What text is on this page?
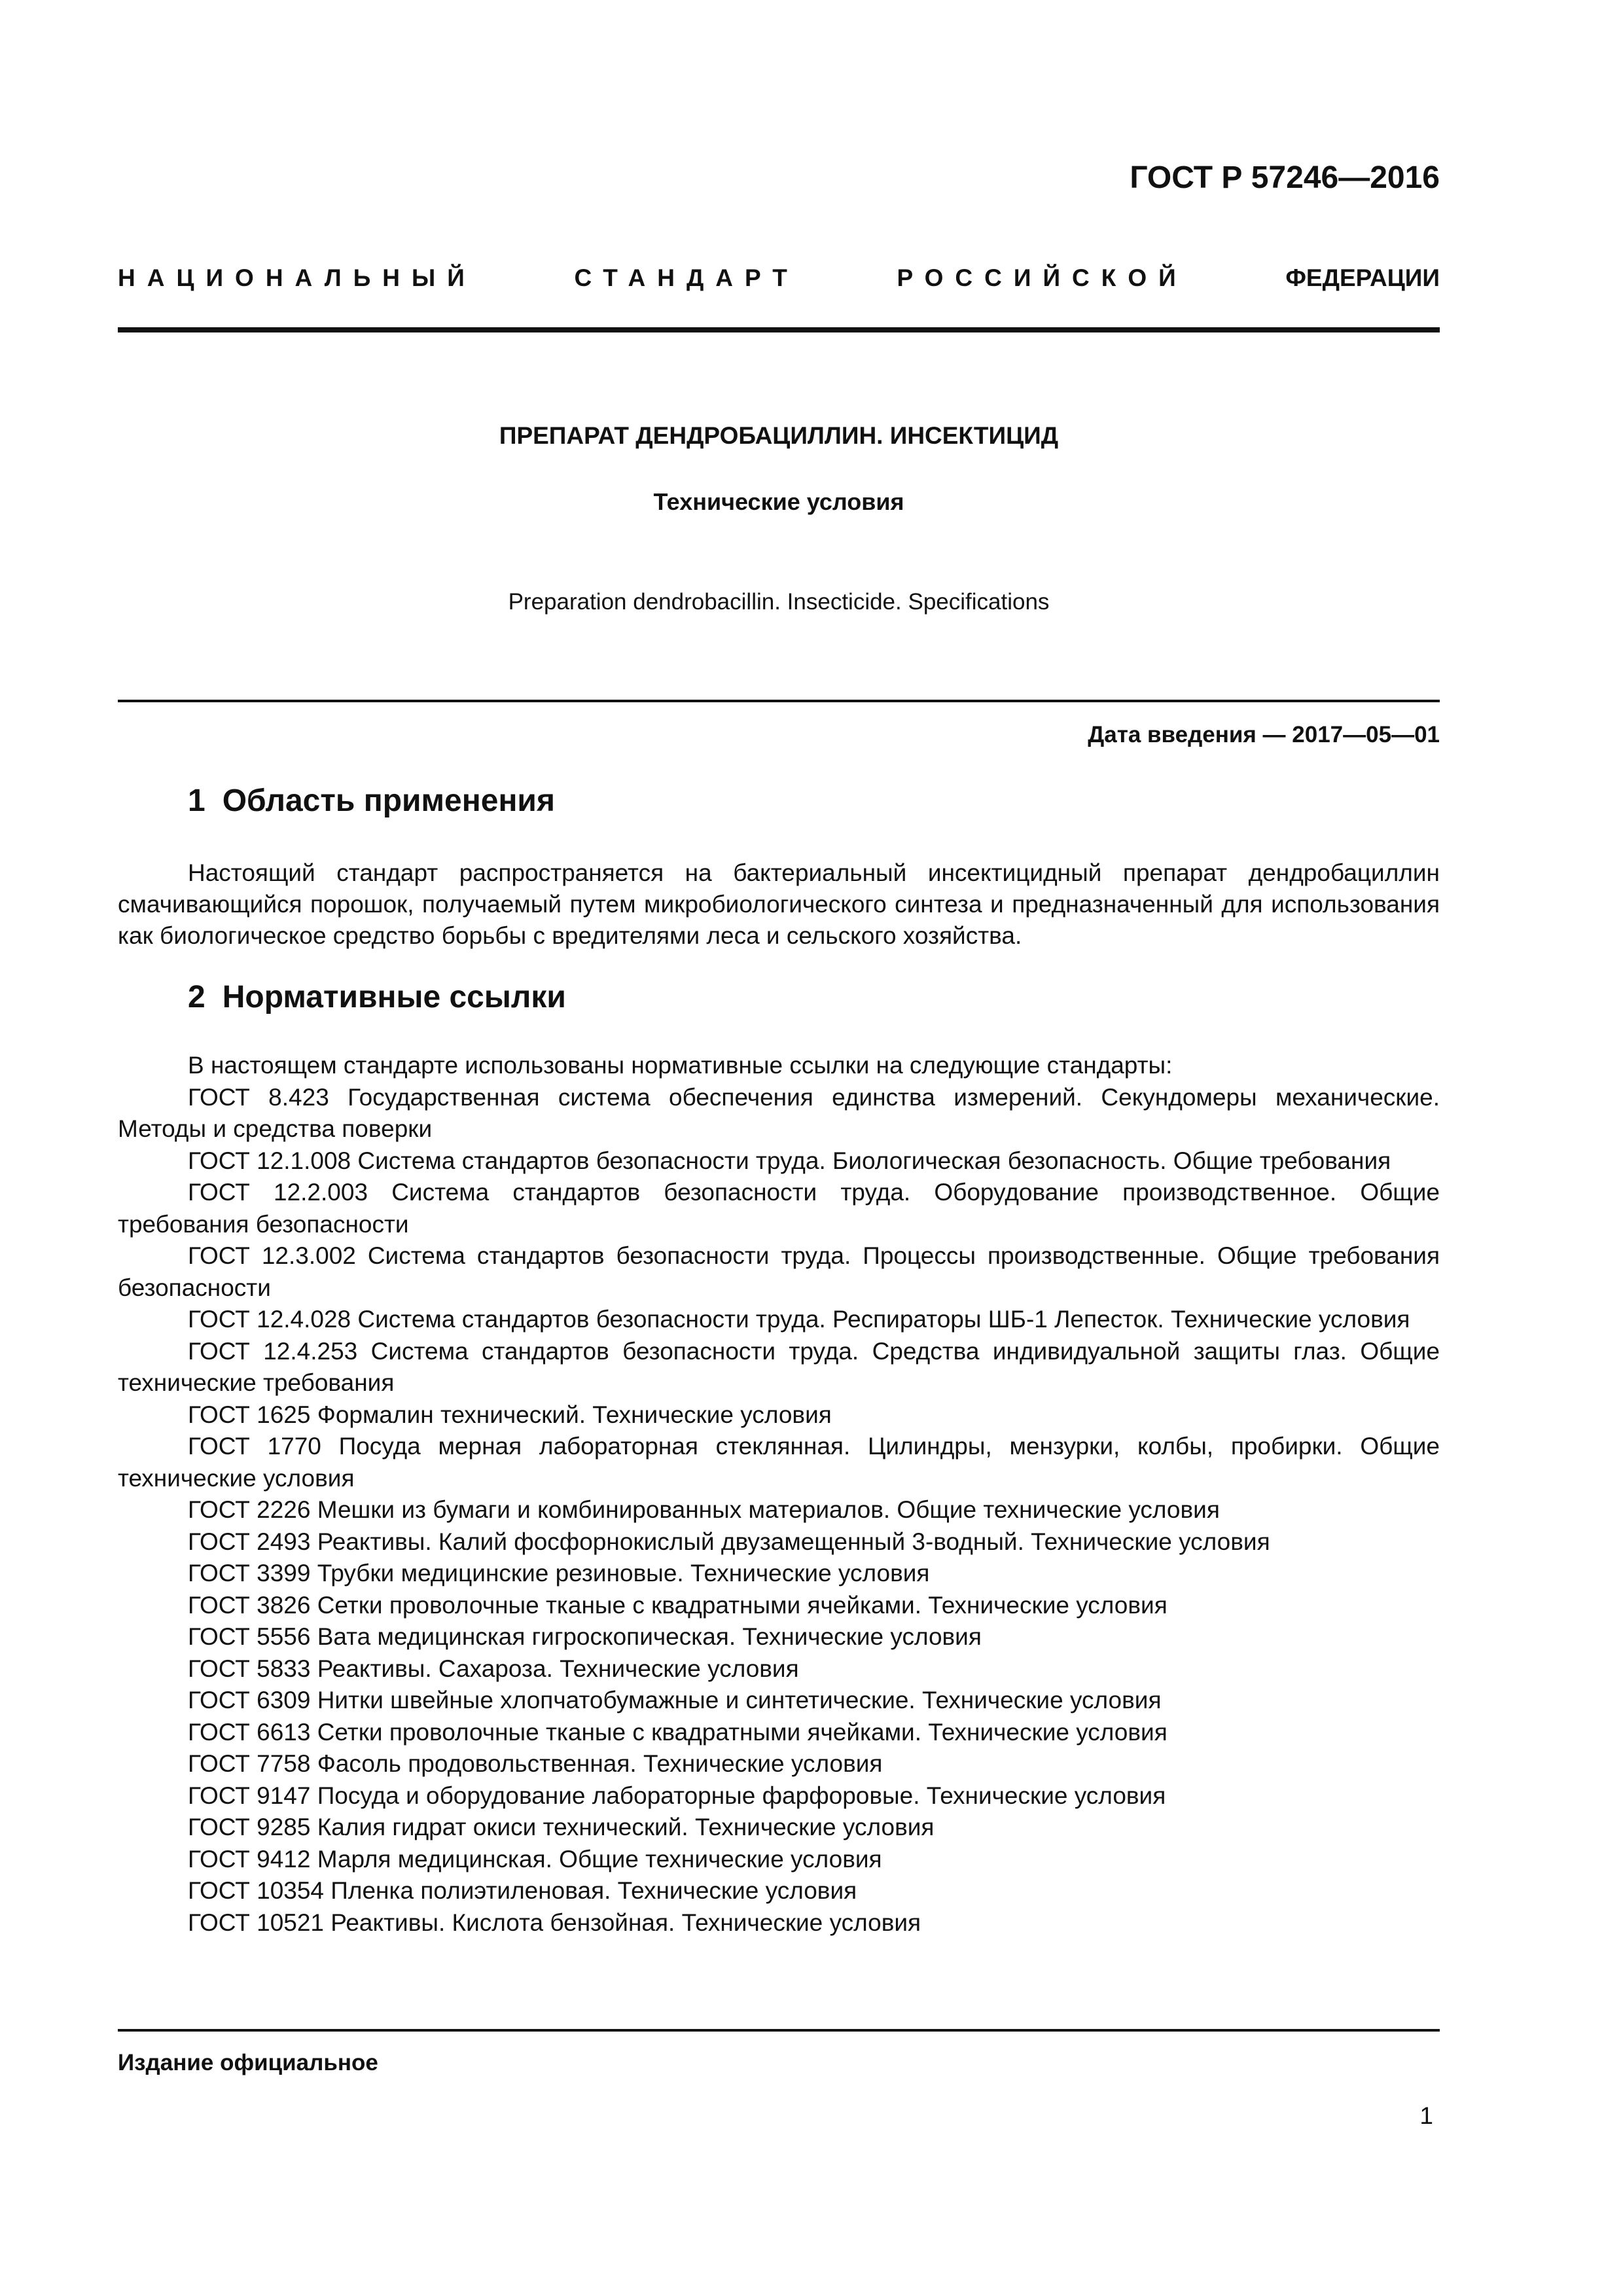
ГОСТ Р 57246—2016
НАЦИОНАЛЬНЫЙ	СТАНДАРТ	РОССИЙСКОЙ	ФЕДЕРАЦИИ
ПРЕПАРАТ ДЕНДРОБАЦИЛЛИН. ИНСЕКТИЦИД
Технические условия
Preparation dendrobacillin. Insecticide. Specifications
Дата введения — 2017—05—01
1 Область применения

Настоящий стандарт распространяется на бактериальный инсектицидный препарат дендробациллин смачивающийся порошок, получаемый путем микробиологического синтеза и предназначенный для использования как биологическое средство борьбы с вредителями леса и сельского хозяйства.

2 Нормативные ссылки

В настоящем стандарте использованы нормативные ссылки на следующие стандарты:

ГОСТ 8.423 Государственная система обеспечения единства измерений. Секундомеры механические. Методы и средства поверки

ГОСТ 12.1.008 Система стандартов безопасности труда. Биологическая безопасность. Общие требования

ГОСТ 12.2.003 Система стандартов безопасности труда. Оборудование производственное. Общие требования безопасности

ГОСТ 12.3.002 Система стандартов безопасности труда. Процессы производственные. Общие требования безопасности

ГОСТ 12.4.028 Система стандартов безопасности труда. Респираторы ШБ-1 Лепесток. Технические условия

ГОСТ 12.4.253 Система стандартов безопасности труда. Средства индивидуальной защиты глаз. Общие технические требования

ГОСТ 1625 Формалин технический. Технические условия

ГОСТ 1770 Посуда мерная лабораторная стеклянная. Цилиндры, мензурки, колбы, пробирки. Общие технические условия

ГОСТ 2226 Мешки из бумаги и комбинированных материалов. Общие технические условия

ГОСТ 2493 Реактивы. Калий фосфорнокислый двузамещенный 3-водный. Технические условия

ГОСТ 3399 Трубки медицинские резиновые. Технические условия

ГОСТ 3826 Сетки проволочные тканые с квадратными ячейками. Технические условия

ГОСТ 5556 Вата медицинская гигроскопическая. Технические условия

ГОСТ 5833 Реактивы. Сахароза. Технические условия

ГОСТ 6309 Нитки швейные хлопчатобумажные и синтетические. Технические условия

ГОСТ 6613 Сетки проволочные тканые с квадратными ячейками. Технические условия

ГОСТ 7758 Фасоль продовольственная. Технические условия

ГОСТ 9147 Посуда и оборудование лабораторные фарфоровые. Технические условия

ГОСТ 9285 Калия гидрат окиси технический. Технические условия

ГОСТ 9412 Марля медицинская. Общие технические условия

ГОСТ 10354 Пленка полиэтиленовая. Технические условия

ГОСТ 10521 Реактивы. Кислота бензойная. Технические условия

Издание официальное
1
